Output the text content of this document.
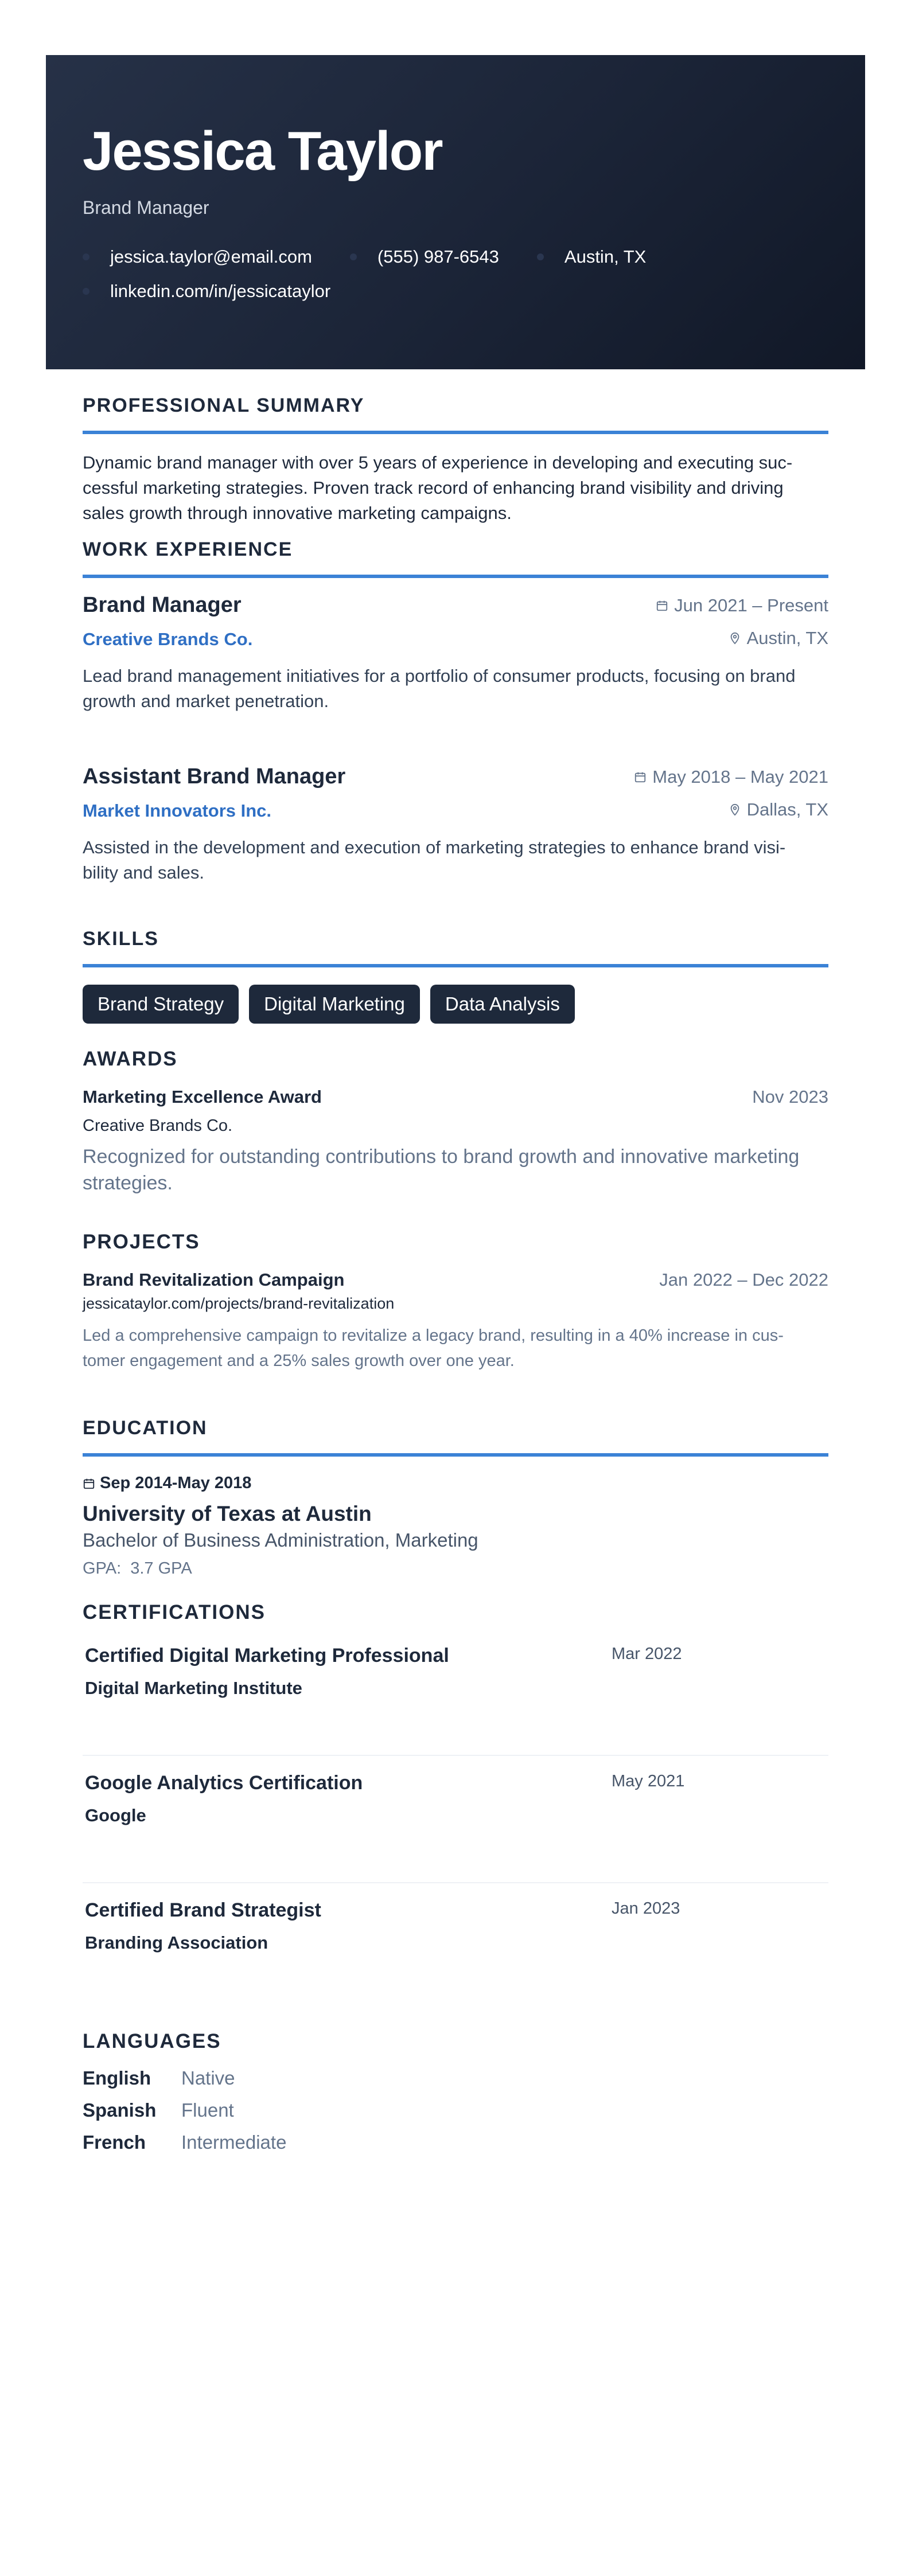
Jessica Taylor
Brand Manager
jessica.taylor@email.com	(555) 987-6543	Austin, TX
linkedin.com/in/jessicataylor
PROFESSIONAL SUMMARY
Dynamic brand manager with over 5 years of experience in developing and executing suc-
cessful marketing strategies. Proven track record of enhancing brand visibility and driving
sales growth through innovative marketing campaigns.
WORK EXPERIENCE
Brand Manager	Jun 2021 – Present
Creative Brands Co.	Austin, TX
Lead brand management initiatives for a portfolio of consumer products, focusing on brand
growth and market penetration.
Assistant Brand Manager	May 2018 – May 2021
Market Innovators Inc.	Dallas, TX
Assisted in the development and execution of marketing strategies to enhance brand visi-
bility and sales.
SKILLS
Brand Strategy	Digital Marketing	Data Analysis
AWARDS
Marketing Excellence Award	Nov 2023
Creative Brands Co.
Recognized for outstanding contributions to brand growth and innovative marketing
strategies.
PROJECTS
Brand Revitalization Campaign	Jan 2022 – Dec 2022
jessicataylor.com/projects/brand-revitalization
Led a comprehensive campaign to revitalize a legacy brand, resulting in a 40% increase in cus-
tomer engagement and a 25% sales growth over one year.
EDUCATION
Sep 2014-May 2018
University of Texas at Austin
Bachelor of Business Administration, Marketing
GPA: 3.7 GPA
CERTIFICATIONS
Certified Digital Marketing Professional	Mar 2022
Digital Marketing Institute
Google Analytics Certification	May 2021
Google
Certified Brand Strategist	Jan 2023
Branding Association
LANGUAGES
English	Native
Spanish	Fluent
French	Intermediate
